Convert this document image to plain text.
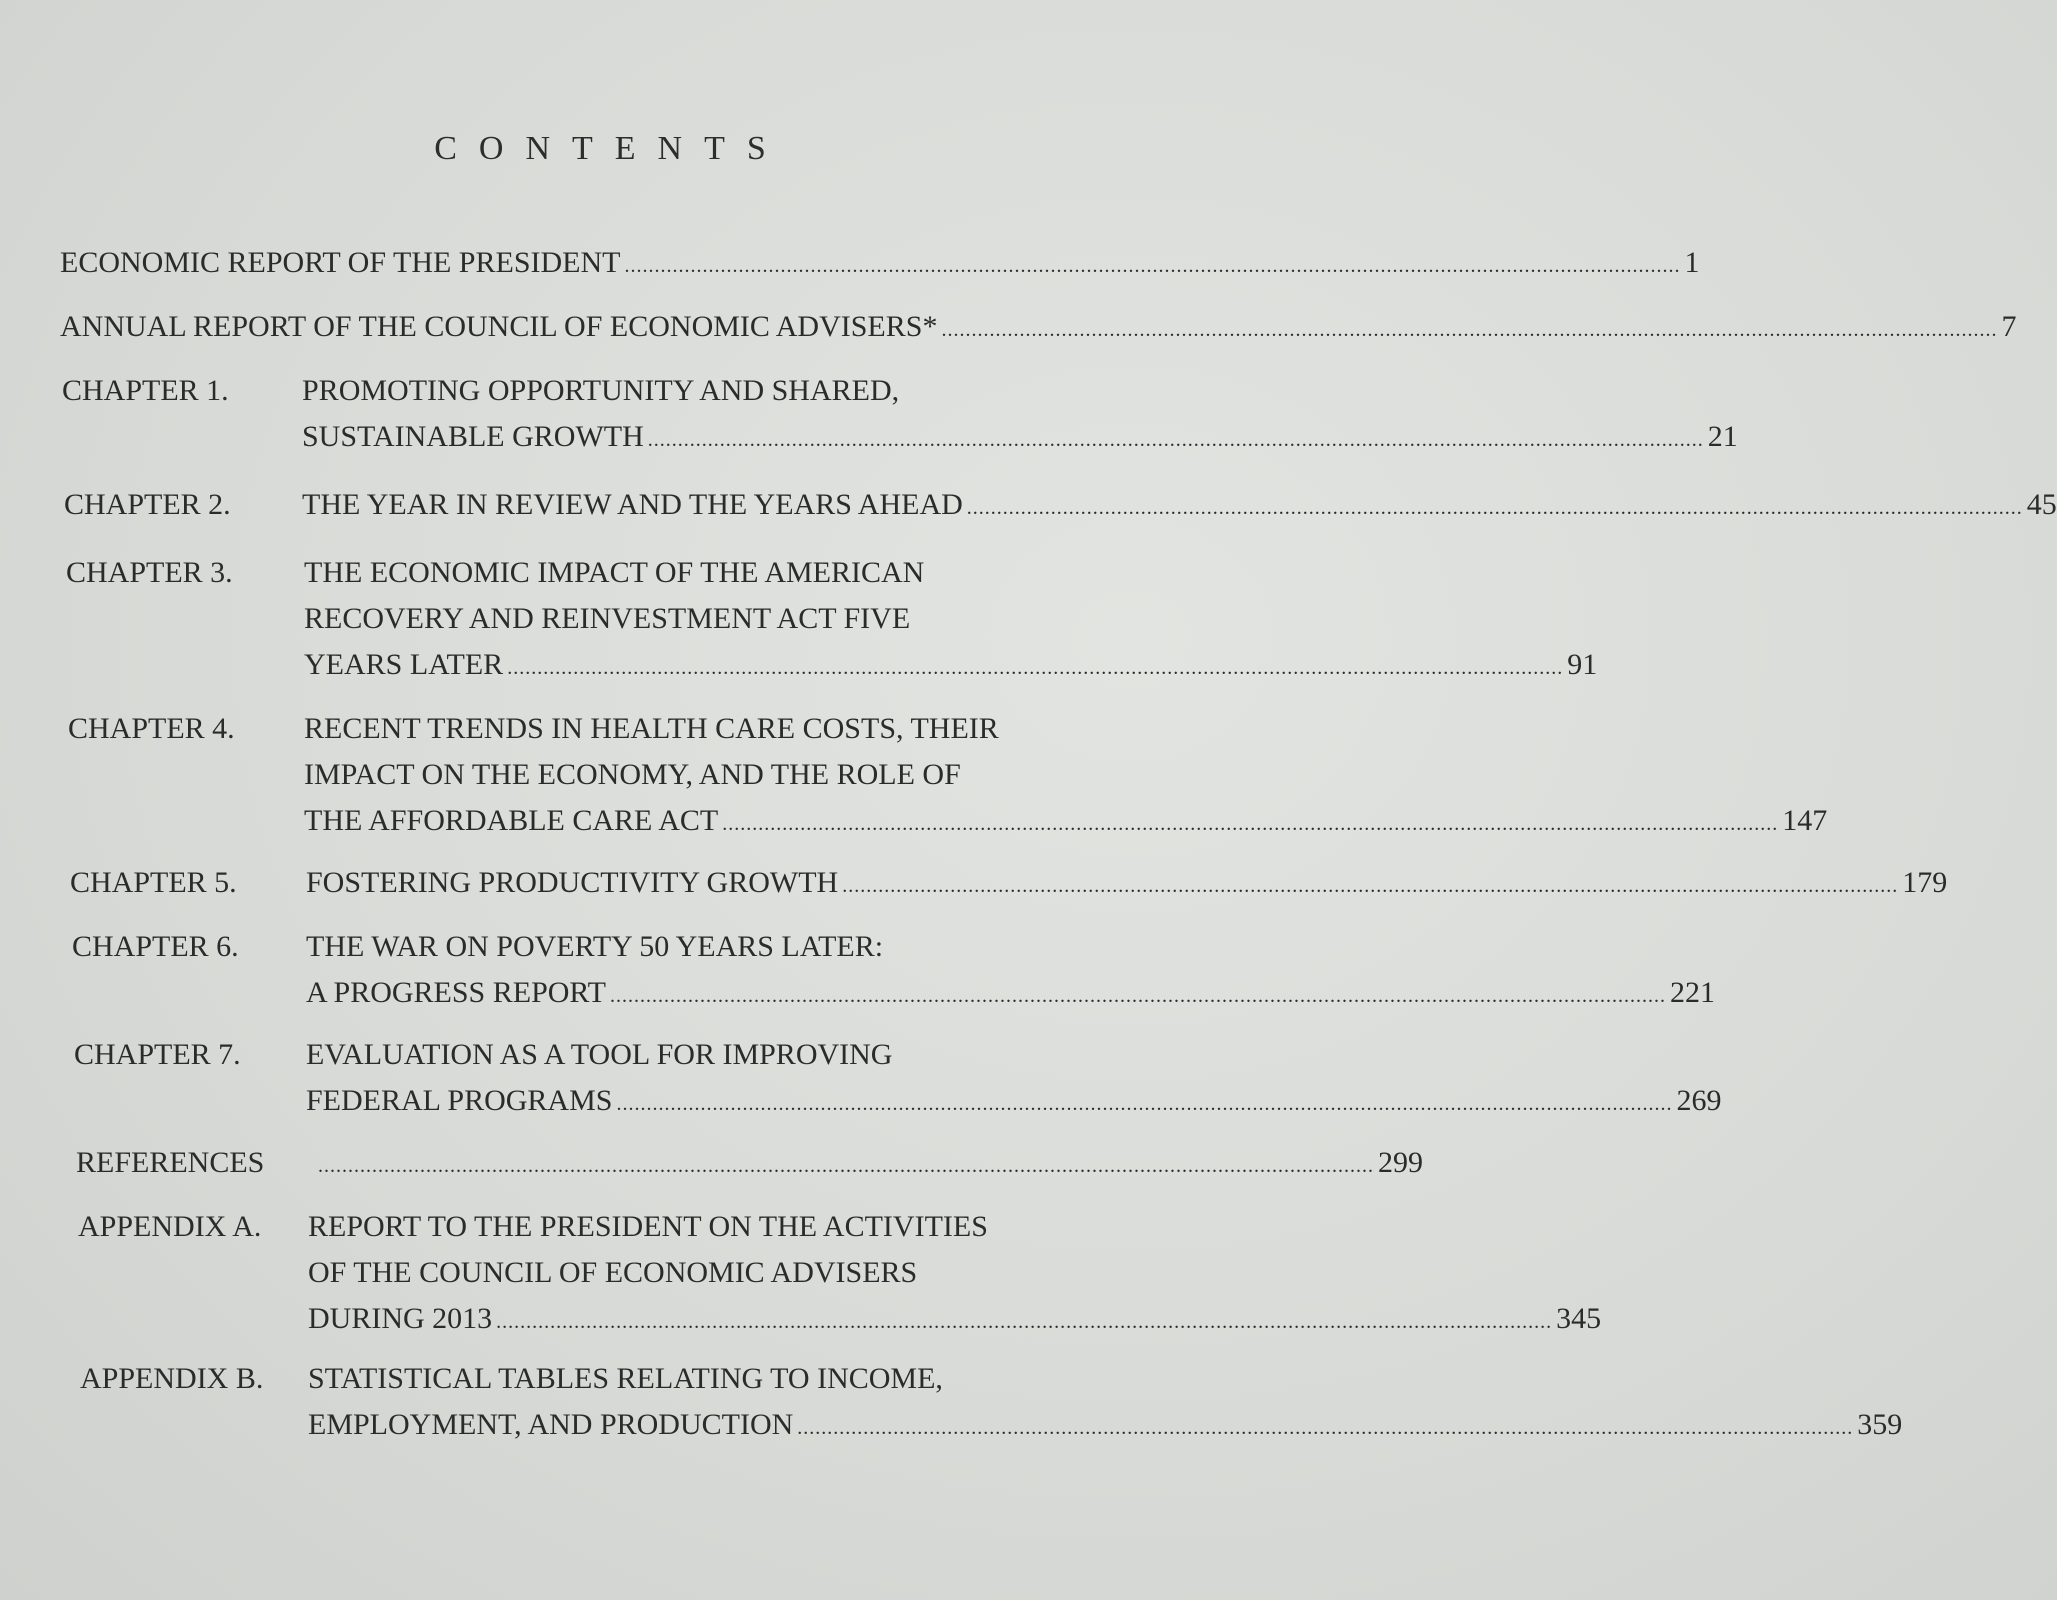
CONTENTS
ECONOMIC REPORT OF THE PRESIDENT ................................................................................................................................................................................ 1
ANNUAL REPORT OF THE COUNCIL OF ECONOMIC ADVISERS* ................................................................................................................................................................................ 7
CHAPTER 1. PROMOTING OPPORTUNITY AND SHARED,
SUSTAINABLE GROWTH ................................................................................................................................................................................ 21
CHAPTER 2. THE YEAR IN REVIEW AND THE YEARS AHEAD ................................................................................................................................................................................ 45
CHAPTER 3. THE ECONOMIC IMPACT OF THE AMERICAN
RECOVERY AND REINVESTMENT ACT FIVE
YEARS LATER ................................................................................................................................................................................ 91
CHAPTER 4. RECENT TRENDS IN HEALTH CARE COSTS, THEIR
IMPACT ON THE ECONOMY, AND THE ROLE OF
THE AFFORDABLE CARE ACT ................................................................................................................................................................................ 147
CHAPTER 5. FOSTERING PRODUCTIVITY GROWTH ................................................................................................................................................................................ 179
CHAPTER 6. THE WAR ON POVERTY 50 YEARS LATER:
A PROGRESS REPORT ................................................................................................................................................................................ 221
CHAPTER 7. EVALUATION AS A TOOL FOR IMPROVING
FEDERAL PROGRAMS ................................................................................................................................................................................ 269
REFERENCES	................................................................................................................................................................................ 299
APPENDIX A. REPORT TO THE PRESIDENT ON THE ACTIVITIES
OF THE COUNCIL OF ECONOMIC ADVISERS
DURING 2013 ................................................................................................................................................................................ 345
APPENDIX B. STATISTICAL TABLES RELATING TO INCOME,
EMPLOYMENT, AND PRODUCTION ................................................................................................................................................................................ 359
